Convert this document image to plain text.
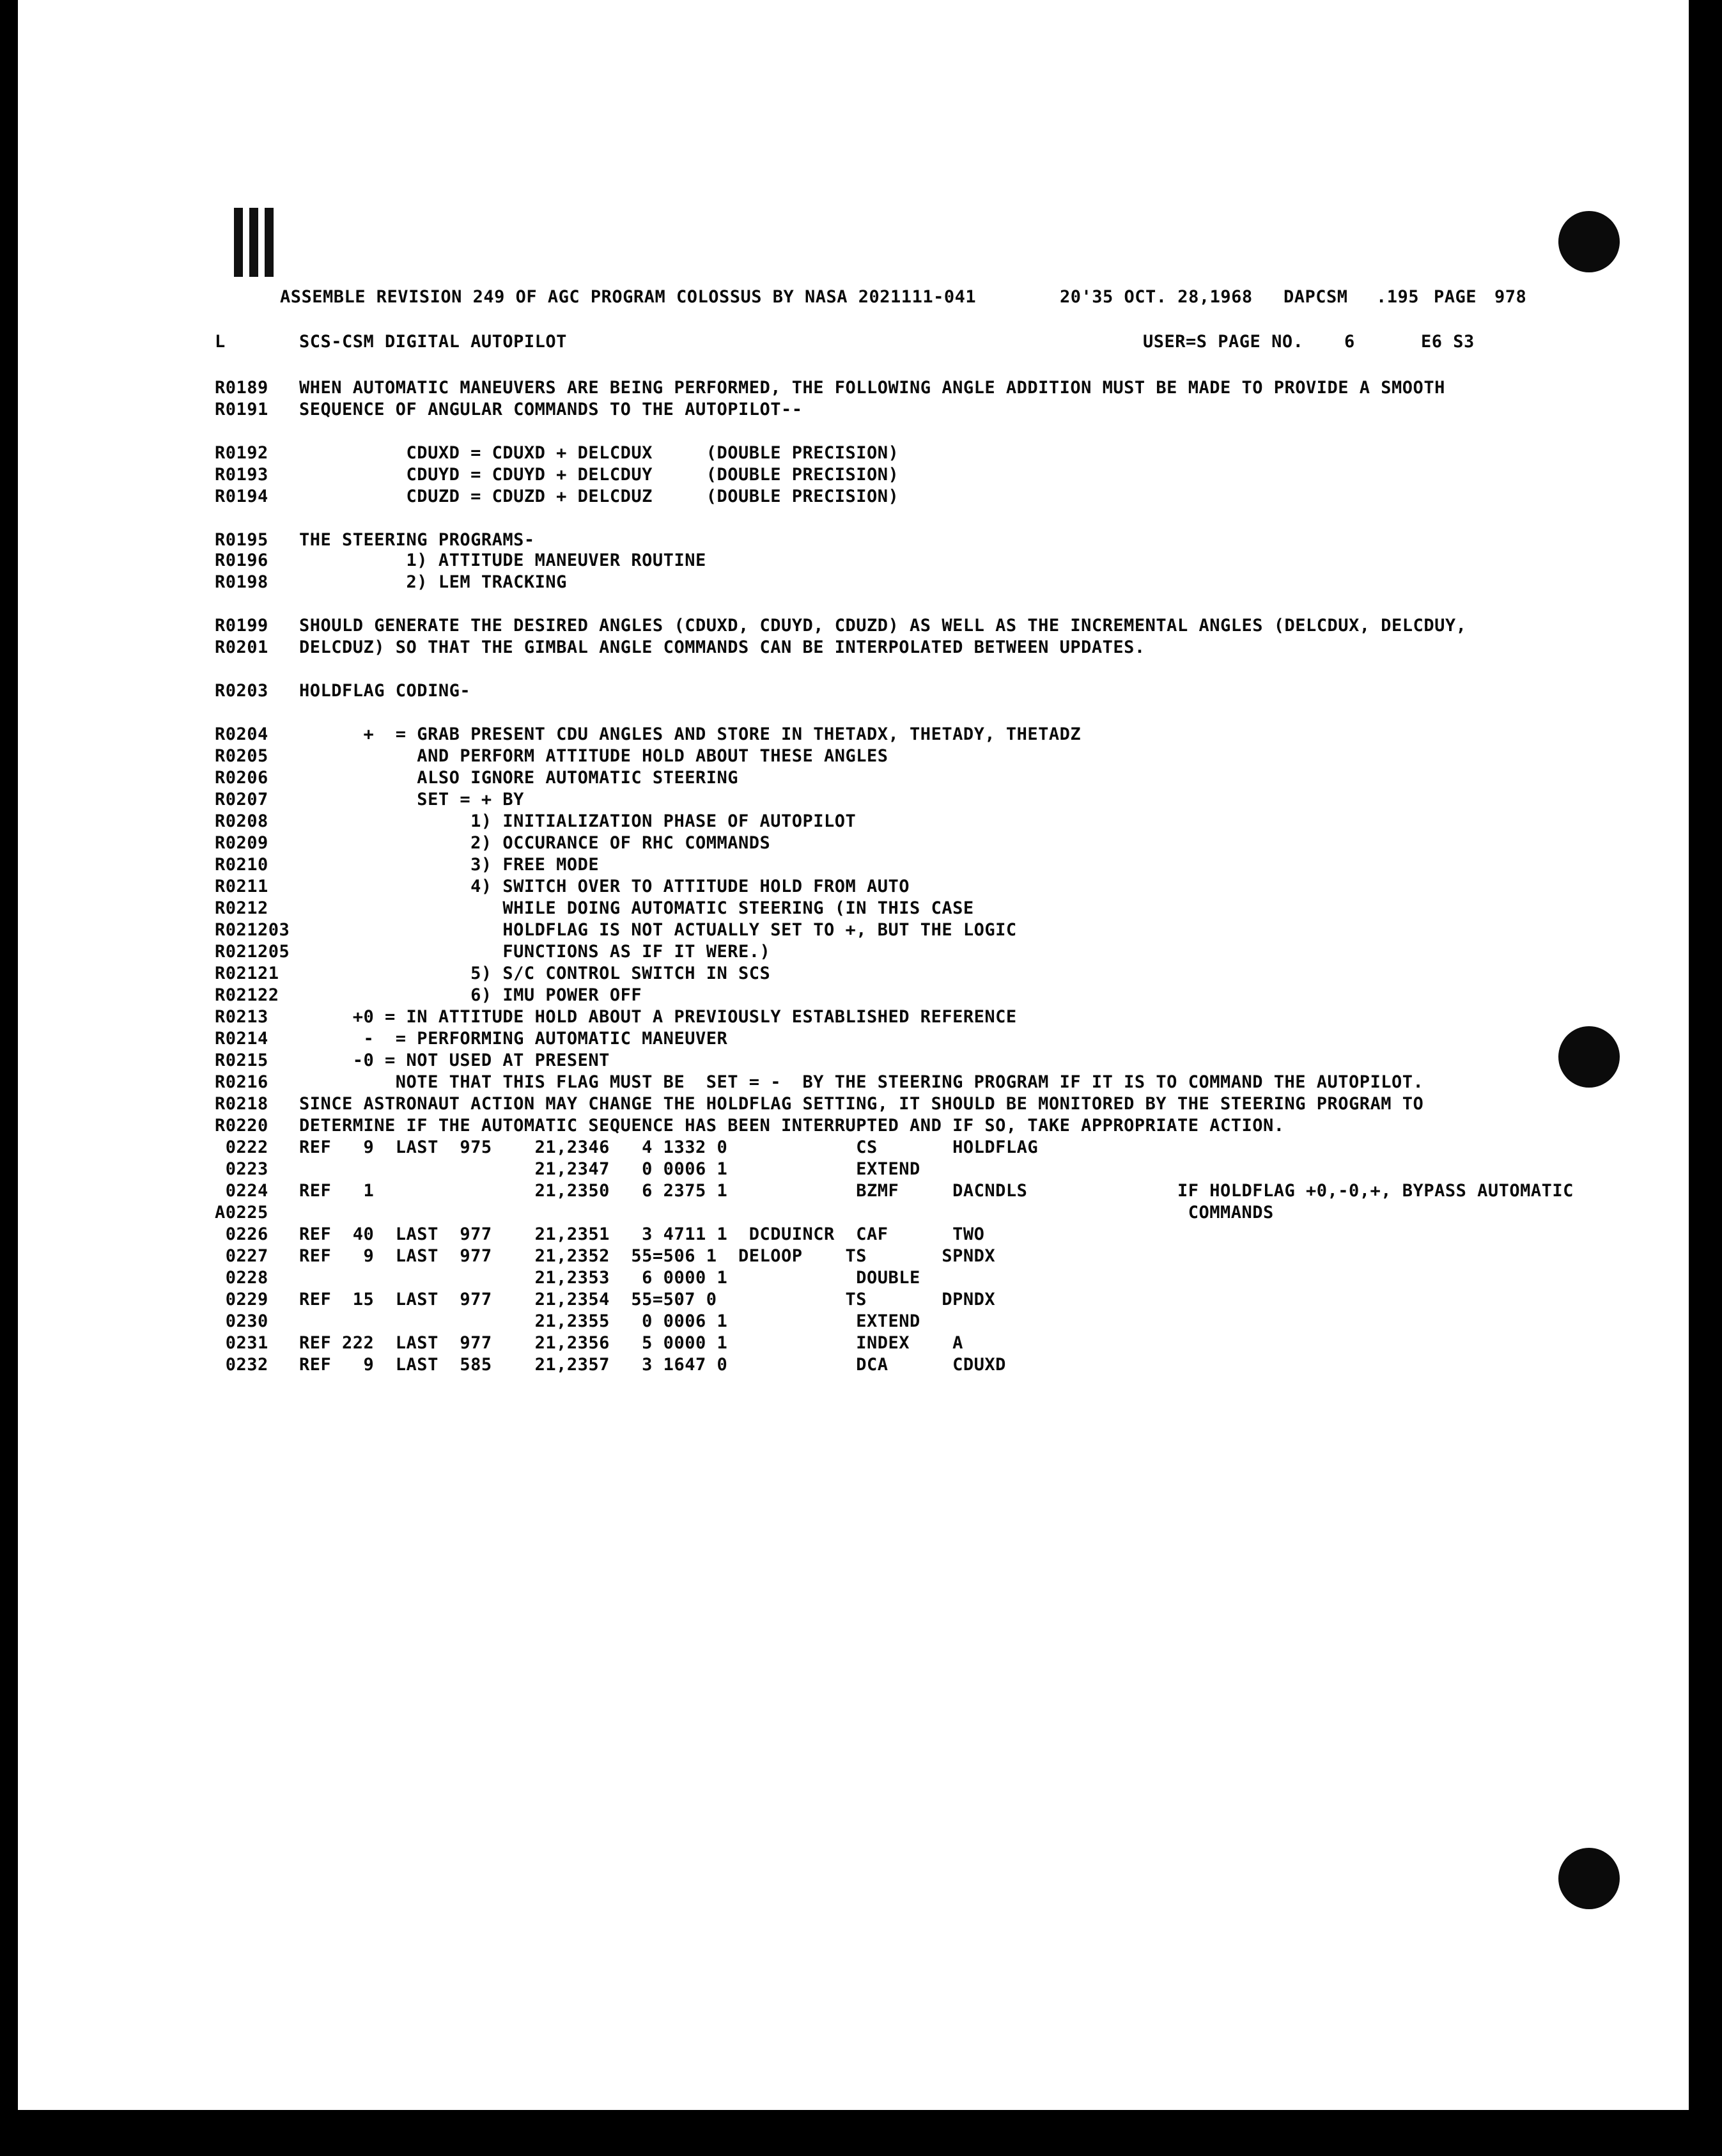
ASSEMBLE REVISION 249 OF AGC PROGRAM COLOSSUS BY NASA 2021111-041	20'35 OCT. 28,1968 DAPCSM .195 PAGE 978
L	SCS-CSM DIGITAL AUTOPILOT	USER=S PAGE NO. 6	E6 S3
R0189 WHEN AUTOMATIC MANEUVERS ARE BEING PERFORMED, THE FOLLOWING ANGLE ADDITION MUST BE MADE TO PROVIDE A SMOOTH
R0191 SEQUENCE OF ANGULAR COMMANDS TO THE AUTOPILOT--
R0192 CDUXD = CDUXD + DELCDUX     (DOUBLE PRECISION)
R0193 CDUYD = CDUYD + DELCDUY     (DOUBLE PRECISION)
R0194 CDUZD = CDUZD + DELCDUZ     (DOUBLE PRECISION)
R0195 THE STEERING PROGRAMS-
R0196 1) ATTITUDE MANEUVER ROUTINE
R0198 2) LEM TRACKING
R0199 SHOULD GENERATE THE DESIRED ANGLES (CDUXD, CDUYD, CDUZD) AS WELL AS THE INCREMENTAL ANGLES (DELCDUX, DELCDUY,
R0201 DELCDUZ) SO THAT THE GIMBAL ANGLE COMMANDS CAN BE INTERPOLATED BETWEEN UPDATES.
R0203 HOLDFLAG CODING-
R0204 +  = GRAB PRESENT CDU ANGLES AND STORE IN THETADX, THETADY, THETADZ
R0205 AND PERFORM ATTITUDE HOLD ABOUT THESE ANGLES
R0206 ALSO IGNORE AUTOMATIC STEERING
R0207 SET = + BY
R0208 1) INITIALIZATION PHASE OF AUTOPILOT
R0209 2) OCCURANCE OF RHC COMMANDS
R0210 3) FREE MODE
R0211 4) SWITCH OVER TO ATTITUDE HOLD FROM AUTO
R0212 WHILE DOING AUTOMATIC STEERING (IN THIS CASE
R021203 HOLDFLAG IS NOT ACTUALLY SET TO +, BUT THE LOGIC
R021205 FUNCTIONS AS IF IT WERE.)
R02121 5) S/C CONTROL SWITCH IN SCS
R02122 6) IMU POWER OFF
R0213 +0 = IN ATTITUDE HOLD ABOUT A PREVIOUSLY ESTABLISHED REFERENCE
R0214 -  = PERFORMING AUTOMATIC MANEUVER
R0215 -0 = NOT USED AT PRESENT
R0216 NOTE THAT THIS FLAG MUST BE  SET = -  BY THE STEERING PROGRAM IF IT IS TO COMMAND THE AUTOPILOT.
R0218 SINCE ASTRONAUT ACTION MAY CHANGE THE HOLDFLAG SETTING, IT SHOULD BE MONITORED BY THE STEERING PROGRAM TO
R0220 DETERMINE IF THE AUTOMATIC SEQUENCE HAS BEEN INTERRUPTED AND IF SO, TAKE APPROPRIATE ACTION.
0222 REF   9  LAST  975    21,2346   4 1332 0            CS       HOLDFLAG
0223 21,2347   0 0006 1            EXTEND
0224 REF   1               21,2350   6 2375 1            BZMF     DACNDLS              IF HOLDFLAG +0,-0,+, BYPASS AUTOMATIC
A0225 COMMANDS
0226 REF  40  LAST  977    21,2351   3 4711 1  DCDUINCR  CAF      TWO
0227 REF   9  LAST  977    21,2352  55=506 1  DELOOP    TS       SPNDX
0228 21,2353   6 0000 1            DOUBLE
0229 REF  15  LAST  977    21,2354  55=507 0            TS       DPNDX
0230 21,2355   0 0006 1            EXTEND
0231 REF 222  LAST  977    21,2356   5 0000 1            INDEX    A
0232 REF   9  LAST  585    21,2357   3 1647 0            DCA      CDUXD
